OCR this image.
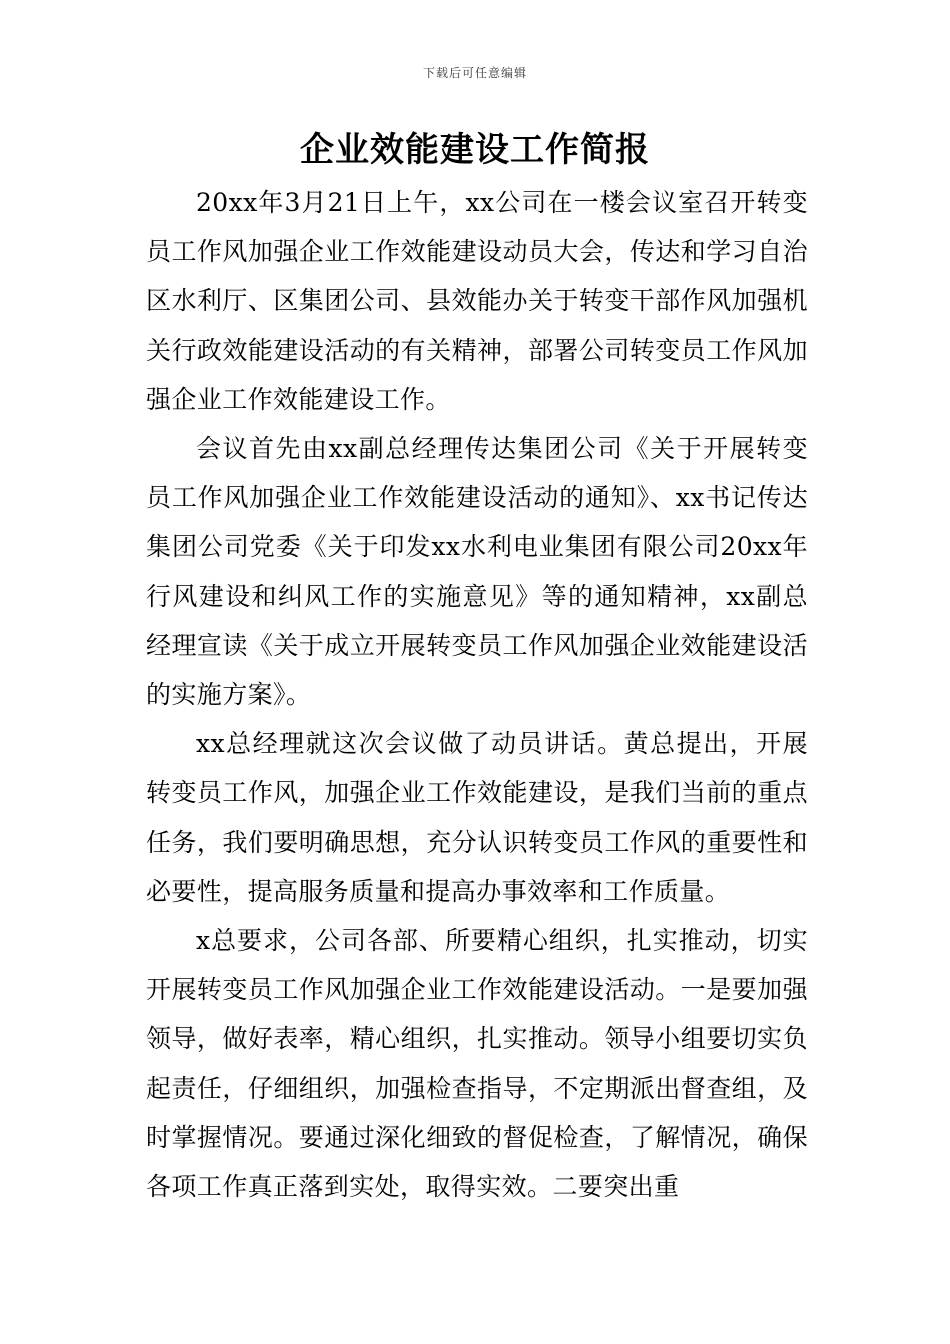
下载后可任意编辑
企业效能建设工作简报

20xx年3月21日上午，xx公司在一楼会议室召开转变员工作风加强企业工作效能建设动员大会，传达和学习自治区水利厅、区集团公司、县效能办关于转变干部作风加强机关行政效能建设活动的有关精神，部署公司转变员工作风加强企业工作效能建设工作。

会议首先由xx副总经理传达集团公司《关于开展转变员工作风加强企业工作效能建设活动的通知》、xx书记传达集团公司党委《关于印发xx水利电业集团有限公司20xx年行风建设和纠风工作的实施意见》等的通知精神，xx副总经理宣读《关于成立开展转变员工作风加强企业效能建设活的实施方案》。

xx总经理就这次会议做了动员讲话。黄总提出，开展转变员工作风，加强企业工作效能建设，是我们当前的重点任务，我们要明确思想，充分认识转变员工作风的重要性和必要性，提高服务质量和提高办事效率和工作质量。

x总要求，公司各部、所要精心组织，扎实推动，切实开展转变员工作风加强企业工作效能建设活动。一是要加强领导，做好表率，精心组织，扎实推动。领导小组要切实负起责任，仔细组织，加强检查指导，不定期派出督查组，及时掌握情况。要通过深化细致的督促检查，了解情况，确保各项工作真正落到实处，取得实效。二要突出重
